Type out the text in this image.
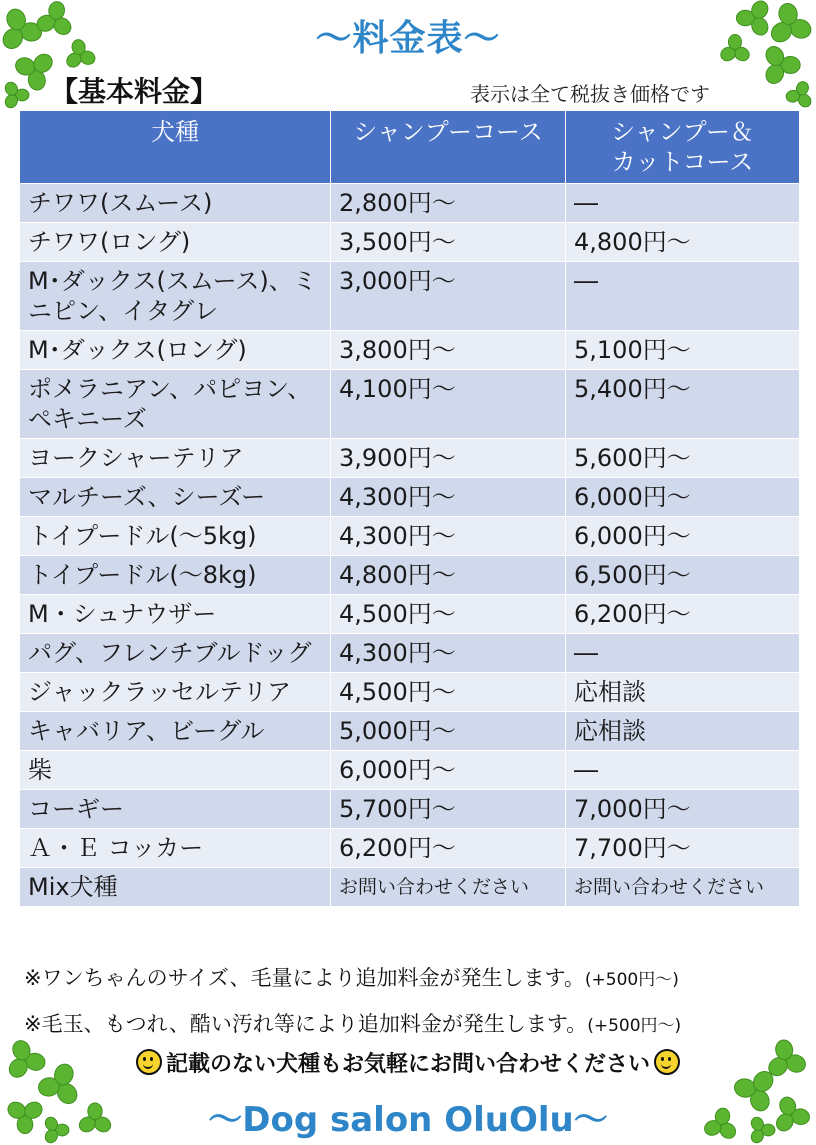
～料金表～
【基本料金】	表示は全て税抜き価格です
犬種	シャンプーコース	シャンプー＆
カットコース
チワワ(スムース)	2,800円～	―
チワワ(ロング)	3,500円～	4,800円～
M･ダックス(スムース)、ミニピン、イタグレ	3,000円～	―
M･ダックス(ロング)	3,800円～	5,100円～
ポメラニアン、パピヨン、ペキニーズ	4,100円～	5,400円～
ヨークシャーテリア	3,900円～	5,600円～
マルチーズ、シーズー	4,300円～	6,000円～
トイプードル(～5kg)	4,300円～	6,000円～
トイプードル(～8kg)	4,800円～	6,500円～
M・シュナウザー	4,500円～	6,200円～
パグ、フレンチブルドッグ	4,300円～	―
ジャックラッセルテリア	4,500円～	応相談
キャバリア、ビーグル	5,000円～	応相談
柴	6,000円～	―
コーギー	5,700円～	7,000円～
Ａ・Ｅ コッカー	6,200円～	7,700円～
Mix犬種	お問い合わせください	お問い合わせください
※ワンちゃんのサイズ、毛量により追加料金が発生します。(+500円～)
※毛玉、もつれ、酷い汚れ等により追加料金が発生します。(+500円～)
記載のない犬種もお気軽にお問い合わせください
～Dog salon OluOlu～
